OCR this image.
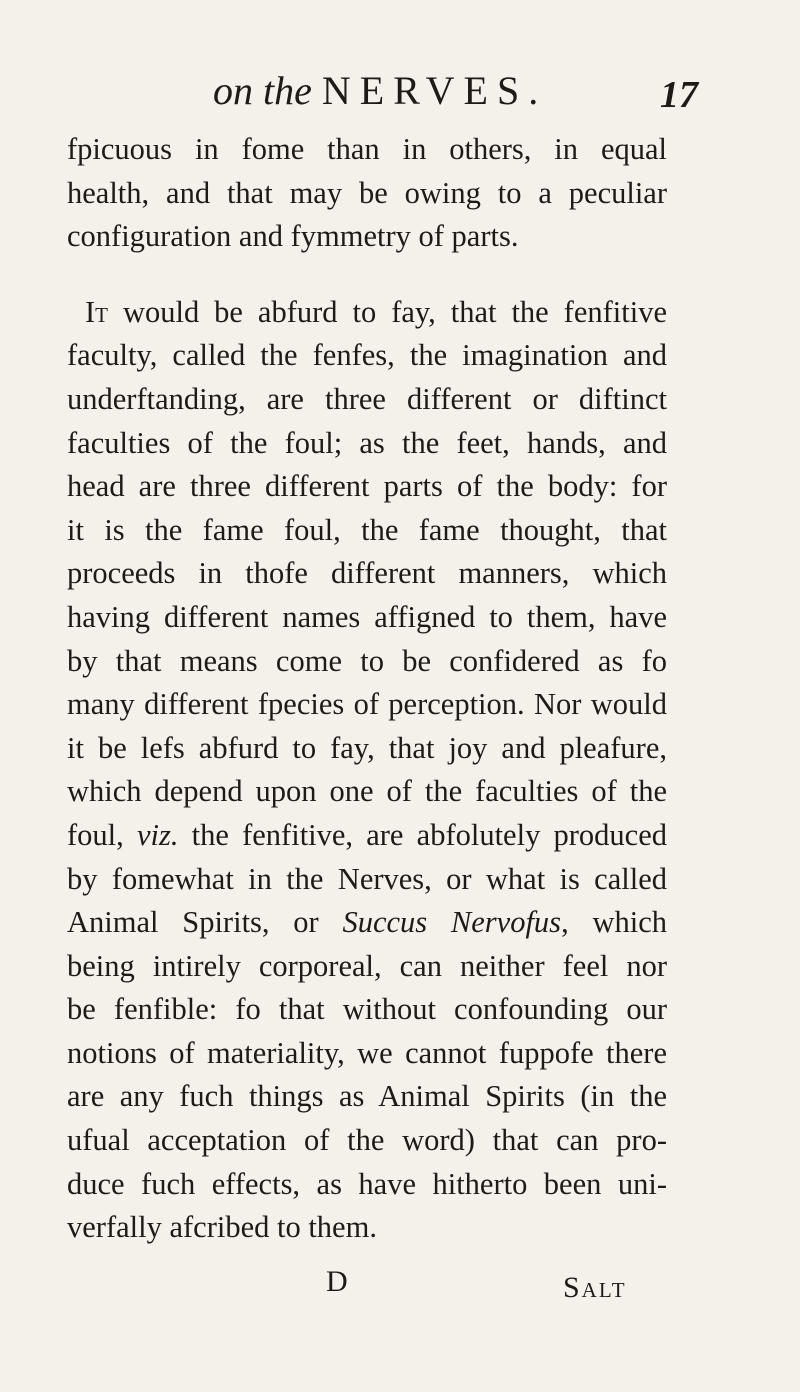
on the NERVES.	17
fpicuous in fome than in others, in equal
health, and that may be owing to a peculiar
configuration and fymmetry of parts.
It would be abfurd to fay, that the fenfitive
faculty, called the fenfes, the imagination and
underftanding, are three different or diftinct
faculties of the foul; as the feet, hands, and
head are three different parts of the body: for
it is the fame foul, the fame thought, that
proceeds in thofe different manners, which
having different names affigned to them, have
by that means come to be confidered as fo
many different fpecies of perception. Nor would
it be lefs abfurd to fay, that joy and pleafure,
which depend upon one of the faculties of the
foul, viz. the fenfitive, are abfolutely produced
by fomewhat in the Nerves, or what is called
Animal Spirits, or Succus Nervofus, which
being intirely corporeal, can neither feel nor
be fenfible: fo that without confounding our
notions of materiality, we cannot fuppofe there
are any fuch things as Animal Spirits (in the
ufual acceptation of the word) that can pro-
duce fuch effects, as have hitherto been uni-
verfally afcribed to them.
D	Salt
